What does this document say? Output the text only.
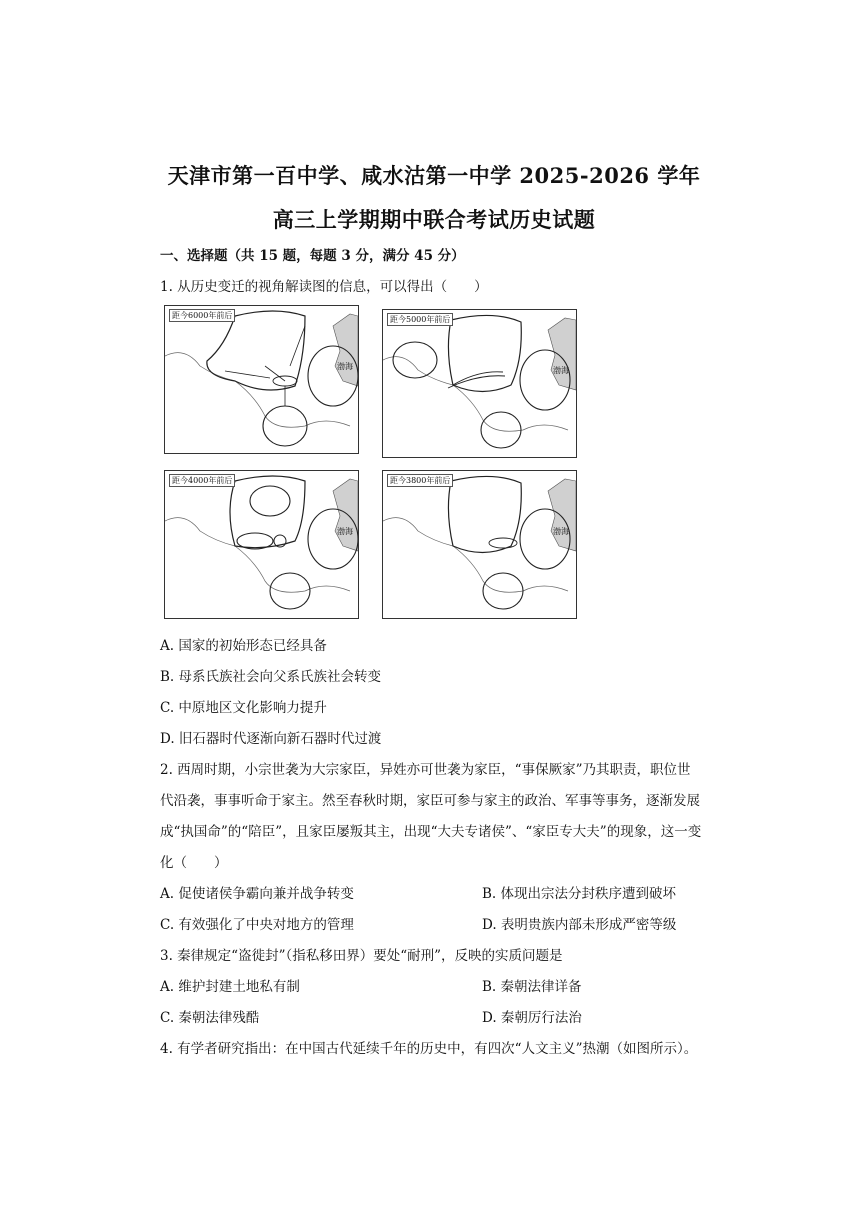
天津市第一百中学、咸水沽第一中学 2025-2026 学年
高三上学期期中联合考试历史试题
一、选择题（共 15 题，每题 3 分，满分 45 分）
1. 从历史变迁的视角解读图的信息，可以得出（　　）
距今6000年前后
渤海
距今5000年前后
渤海
距今4000年前后
渤海
距今3800年前后
渤海
A. 国家的初始形态已经具备
B. 母系氏族社会向父系氏族社会转变
C. 中原地区文化影响力提升
D. 旧石器时代逐渐向新石器时代过渡
2. 西周时期，小宗世袭为大宗家臣，异姓亦可世袭为家臣，“事保厥家”乃其职责，职位世
代沿袭，事事听命于家主。然至春秋时期，家臣可参与家主的政治、军事等事务，逐渐发展
成“执国命”的“陪臣”，且家臣屡叛其主，出现“大夫专诸侯”、“家臣专大夫”的现象，这一变
化（　　）
A. 促使诸侯争霸向兼并战争转变	B. 体现出宗法分封秩序遭到破坏
C. 有效强化了中央对地方的管理	D. 表明贵族内部未形成严密等级
3. 秦律规定“盗徙封”（指私移田界）要处“耐刑”，反映的实质问题是
A. 维护封建土地私有制	B. 秦朝法律详备
C. 秦朝法律残酷	D. 秦朝厉行法治
4. 有学者研究指出：在中国古代延续千年的历史中，有四次“人文主义”热潮（如图所示）。
